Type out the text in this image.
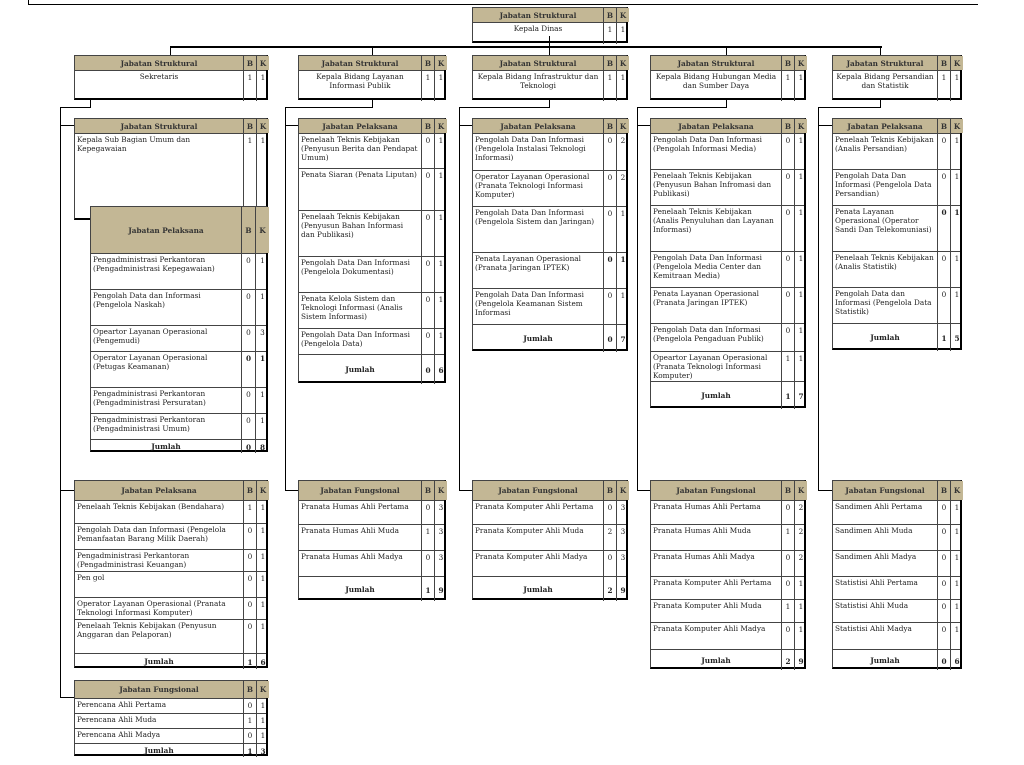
Jabatan Struktural	B K
Kepala Dinas	1	1
Jabatan Struktural	B K
Sekretaris	1	1
Jabatan Struktural	B K
Kepala Bidang Layanan Informasi Publik
1	1
Jabatan Struktural	B K
Kepala Bidang Infrastruktur dan Teknologi
1	1
Jabatan Struktural	B K
Kepala Bidang Hubungan Media dan Sumber Daya
1	1
Jabatan Struktural	B K
Kepala Bidang Persandian dan Statistik
1	1
Jabatan Struktural	B K
Kepala Sub Bagian Umum dan Kepegawaian
1	1
Jabatan Pelaksana	B	K
Pengadministrasi Perkantoran (Pengadministrasi Kepegawaian)
0	1
Pengolah Data dan Informasi (Pengelola Naskah)
0	1
Opeartor Layanan Operasional (Pengemudi)
0	3
Operator Layanan Operasional (Petugas Keamanan)
0	1
Pengadministrasi Perkantoran (Pengadministrasi Persuratan)
0	1
Pengadministrasi Perkantoran (Pengadministrasi Umum)
0	1
Jumlah	0	8
Jabatan Pelaksana	B K
Penelaah Teknis Kebijakan (Penyusun Berita dan Pendapat Umum)
0	1
Penata Siaran (Penata Liputan)	0	1
Penelaah Teknis Kebijakan (Penyusun Bahan Informasi dan Publikasi)
0	1
Pengolah Data Dan Informasi (Pengelola Dokumentasi)
0	1
Penata Kelola Sistem dan Teknologi Informasi (Analis Sistem Informasi)
0	1
Pengolah Data Dan Informasi (Pengelola Data)
0	1
Jumlah	0	6
Jabatan Pelaksana	B K
Pengolah Data Dan Informasi (Pengelola Instalasi Teknologi Informasi)
0	2
Operator Layanan Operasional (Pranata Teknologi Informasi Komputer)
0	2
Pengolah Data Dan Informasi (Pengelola Sistem dan Jaringan)
0	1
Penata Layanan Operasional (Pranata Jaringan IPTEK)
0	1
Pengolah Data Dan Informasi (Pengelola Keamanan Sistem Informasi
0	1
Jumlah	0	7
Jabatan Pelaksana	B K
Pengolah Data Dan Informasi (Pengolah Informasi Media)
0	1
Penelaah Teknis Kebijakan (Penyusun Bahan Infromasi dan Publikasi)
0	1
Penelaah Teknis Kebijakan (Analis Penyuluhan dan Layanan Informasi)
0	1
Pengolah Data Dan Informasi (Pengelola Media Center dan Kemitraan Media)
0	1
Penata Layanan Operasional (Pranata Jaringan IPTEK)
0	1
Pengolah Data dan Informasi (Pengelola Pengaduan Publik)
0	1
Opeartor Layanan Operasional (Pranata Teknologi Informasi Komputer)
1	1
Jumlah	1	7
Jabatan Pelaksana	B K
Penelaah Teknis Kebijakan (Analis Persandian)
0	1
Pengolah Data Dan Informasi (Pengelola Data Persandian)
0	1
Penata Layanan Operasional (Operator Sandi Dan Telekomuniasi)
0	1
Penelaah Teknis Kebijakan (Analis Statistik)
0	1
Pengolah Data dan Informasi (Pengelola Data Statistik)
0	1
Jumlah	1	5
Jabatan Pelaksana	B K
Penelaah Teknis Kebijakan (Bendahara)	1	1
Pengolah Data dan Informasi (Pengelola Pemanfaatan Barang Milik Daerah)
0	1
Pengadministrasi Perkantoran (Pengadministrasi Keuangan)
0	1
Pen gol	0	1
Operator Layanan Operasional (Pranata Teknologi Informasi Komputer)
0	1
Penelaah Teknis Kebijakan (Penyusun Anggaran dan Pelaporan)
0	1
Jumlah	1	6
Jabatan Fungsional	B K
Pranata Humas Ahli Pertama	0	3
Pranata Humas Ahli Muda	1	3
Pranata Humas Ahli Madya	0	3
Jumlah	1	9
Jabatan Fungsional	B K
Pranata Komputer Ahli Pertama	0	3
Pranata Komputer Ahli Muda	2	3
Pranata Komputer Ahli Madya	0	3
Jumlah	2	9
Jabatan Fungsional	B K
Pranata Humas Ahli Pertama	0	2
Pranata Humas Ahli Muda	1	2
Pranata Humas Ahli Madya	0	2
Pranata Komputer Ahli Pertama	0	1
Pranata Komputer Ahli Muda	1	1
Pranata Komputer Ahli Madya	0	1
Jumlah	2	9
Jabatan Fungsional	B K
Sandimen Ahli Pertama	0	1
Sandimen Ahli Muda	0	1
Sandimen Ahli Madya	0	1
Statistisi Ahli Pertama	0	1
Statistisi Ahli Muda	0	1
Statistisi Ahli Madya	0	1
Jumlah	0	6
Jabatan Fungsional	B K
Perencana Ahli Pertama	0	1
Perencana Ahli Muda	1	1
Perencana Ahli Madya	0	1
Jumlah	1	3
